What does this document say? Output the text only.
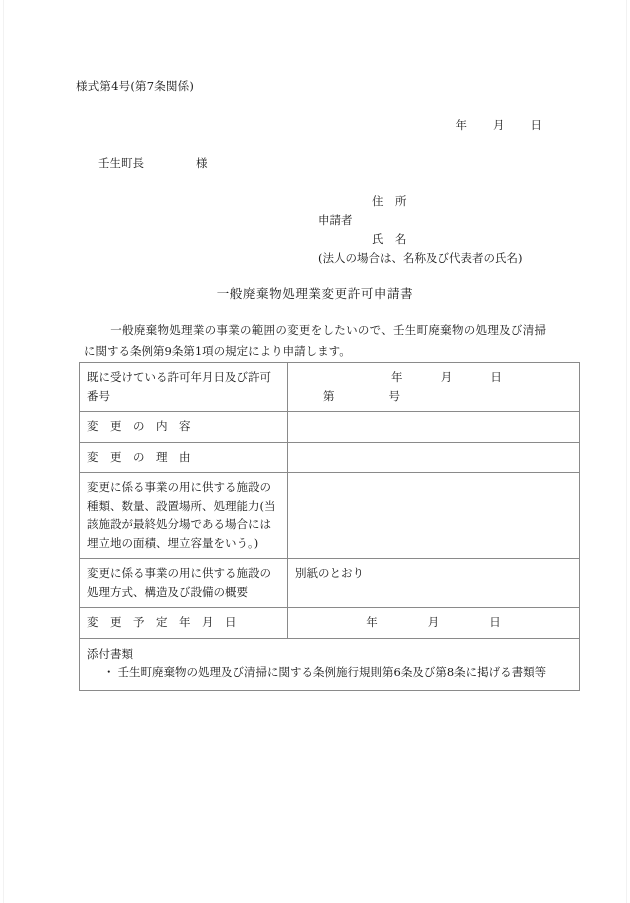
様式第4号(第7条関係)
年 月 日
壬生町長	様
住　所
申請者
氏　名
(法人の場合は、名称及び代表者の氏名)
一般廃棄物処理業変更許可申請書
一般廃棄物処理業の事業の範囲の変更をしたいので、壬生町廃棄物の処理及び清掃に関する条例第9条第1項の規定により申請します。
既に受けている許可年月日及び許可番号	年 月 日
第 号

変　更　の　内　容	
変　更　の　理　由	
変更に係る事業の用に供する施設の種類、数量、設置場所、処理能力(当該施設が最終処分場である場合には埋立地の面積、埋立容量をいう。)	
変更に係る事業の用に供する施設の処理方式、構造及び設備の概要	別紙のとおり
変　更　予　定　年　月　日	年 月 日

添付書類
・ 壬生町廃棄物の処理及び清掃に関する条例施行規則第6条及び第8条に掲げる書類等	
